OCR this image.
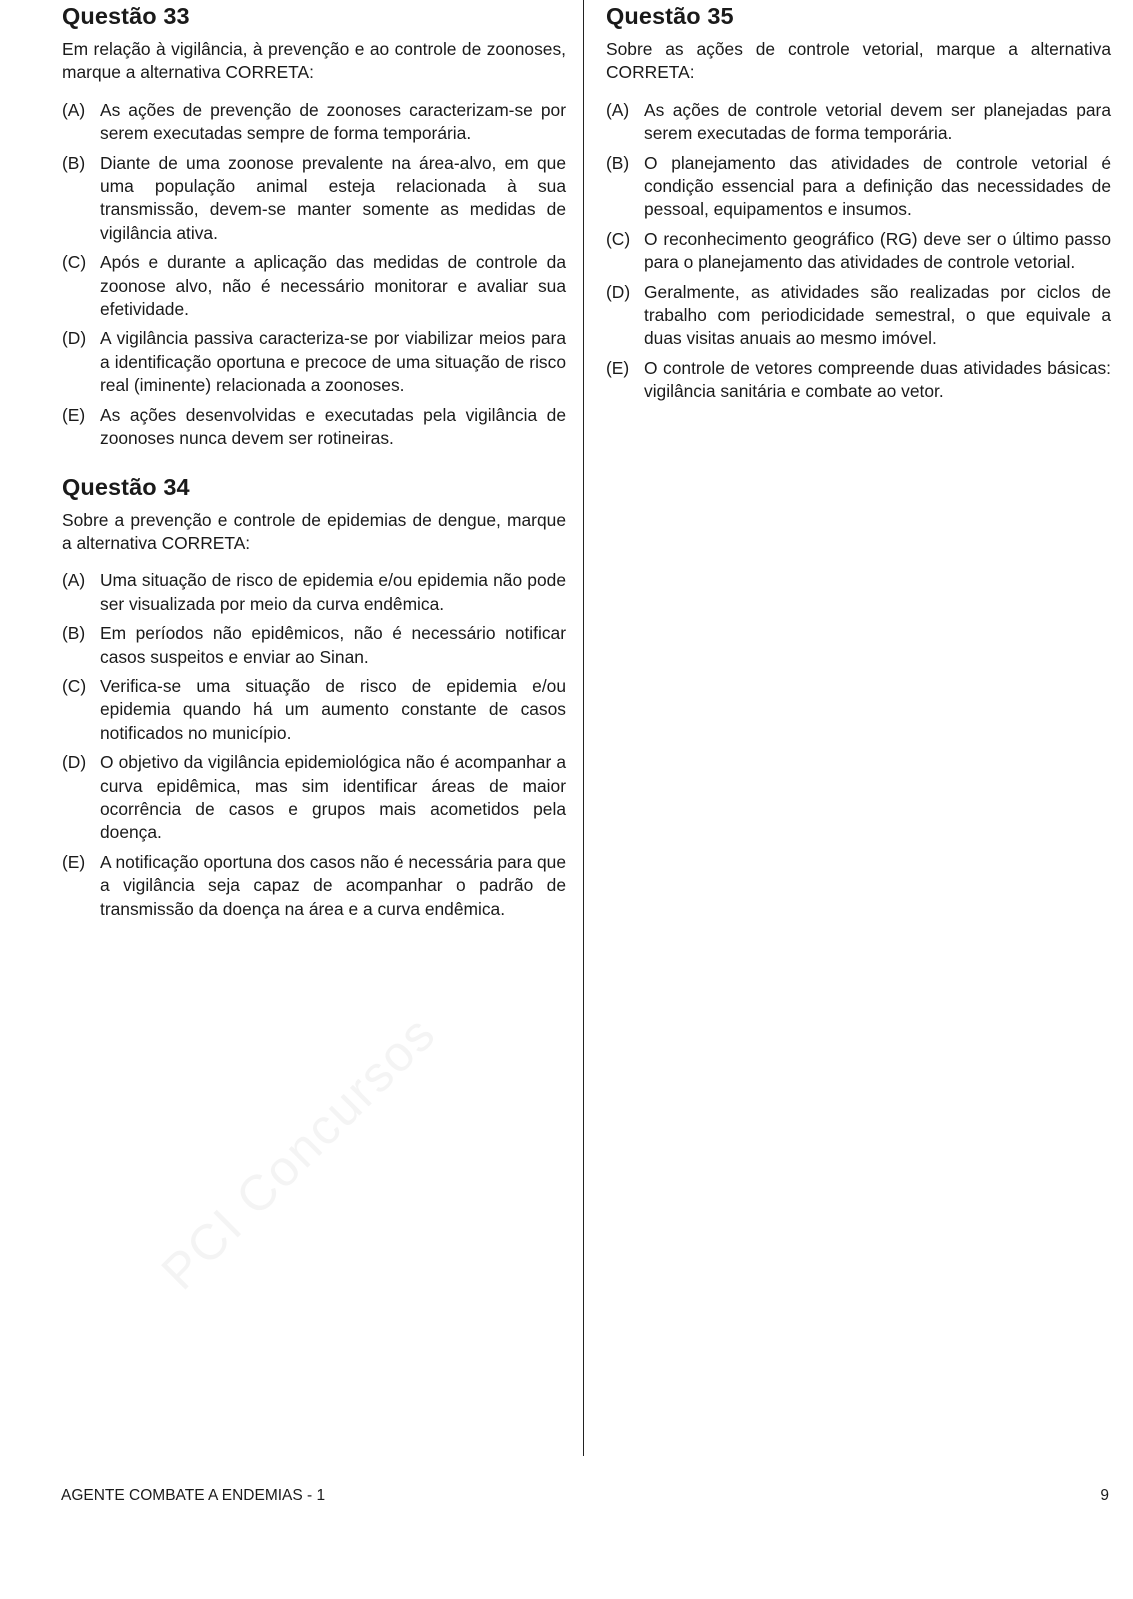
Questão 33

Em relação à vigilância, à prevenção e ao controle de zoonoses, marque a alternativa CORRETA:

(A) As ações de prevenção de zoonoses caracterizam-se por serem executadas sempre de forma temporária.
(B) Diante de uma zoonose prevalente na área-alvo, em que uma população animal esteja relacionada à sua transmissão, devem-se manter somente as medidas de vigilância ativa.
(C) Após e durante a aplicação das medidas de controle da zoonose alvo, não é necessário monitorar e avaliar sua efetividade.
(D) A vigilância passiva caracteriza-se por viabilizar meios para a identificação oportuna e precoce de uma situação de risco real (iminente) relacionada a zoonoses.
(E) As ações desenvolvidas e executadas pela vigilância de zoonoses nunca devem ser rotineiras.
Questão 34

Sobre a prevenção e controle de epidemias de dengue, marque a alternativa CORRETA:

(A) Uma situação de risco de epidemia e/ou epidemia não pode ser visualizada por meio da curva endêmica.
(B) Em períodos não epidêmicos, não é necessário notificar casos suspeitos e enviar ao Sinan.
(C) Verifica-se uma situação de risco de epidemia e/ou epidemia quando há um aumento constante de casos notificados no município.
(D) O objetivo da vigilância epidemiológica não é acompanhar a curva epidêmica, mas sim identificar áreas de maior ocorrência de casos e grupos mais acometidos pela doença.
(E) A notificação oportuna dos casos não é necessária para que a vigilância seja capaz de acompanhar o padrão de transmissão da doença na área e a curva endêmica.
Questão 35

Sobre as ações de controle vetorial, marque a alternativa CORRETA:

(A) As ações de controle vetorial devem ser planejadas para serem executadas de forma temporária.
(B) O planejamento das atividades de controle vetorial é condição essencial para a definição das necessidades de pessoal, equipamentos e insumos.
(C) O reconhecimento geográfico (RG) deve ser o último passo para o planejamento das atividades de controle vetorial.
(D) Geralmente, as atividades são realizadas por ciclos de trabalho com periodicidade semestral, o que equivale a duas visitas anuais ao mesmo imóvel.
(E) O controle de vetores compreende duas atividades básicas: vigilância sanitária e combate ao vetor.
PCI Concursos
AGENTE COMBATE A ENDEMIAS - 1	9
